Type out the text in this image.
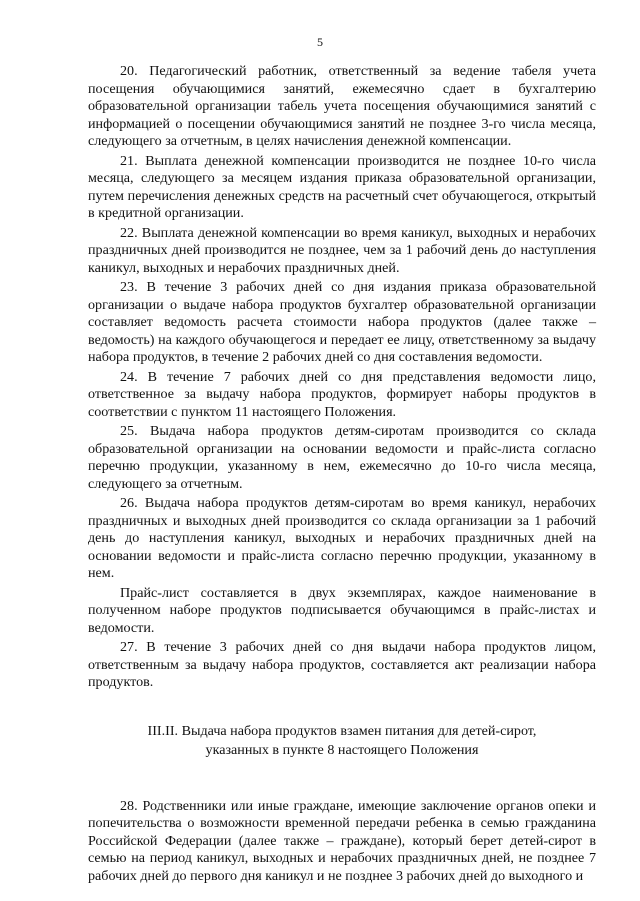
5

20. Педагогический работник, ответственный за ведение табеля учета посещения обучающимися занятий, ежемесячно сдает в бухгалтерию образовательной организации табель учета посещения обучающимися занятий с информацией о посещении обучающимися занятий не позднее 3-го числа месяца, следующего за отчетным, в целях начисления денежной компенсации.

21. Выплата денежной компенсации производится не позднее 10-го числа месяца, следующего за месяцем издания приказа образовательной организации, путем перечисления денежных средств на расчетный счет обучающегося, открытый в кредитной организации.

22. Выплата денежной компенсации во время каникул, выходных и нерабочих праздничных дней производится не позднее, чем за 1 рабочий день до наступления каникул, выходных и нерабочих праздничных дней.

23. В течение 3 рабочих дней со дня издания приказа образовательной организации о выдаче набора продуктов бухгалтер образовательной организации составляет ведомость расчета стоимости набора продуктов (далее также – ведомость) на каждого обучающегося и передает ее лицу, ответственному за выдачу набора продуктов, в течение 2 рабочих дней со дня составления ведомости.

24. В течение 7 рабочих дней со дня представления ведомости лицо, ответственное за выдачу набора продуктов, формирует наборы продуктов в соответствии с пунктом 11 настоящего Положения.

25. Выдача набора продуктов детям-сиротам производится со склада образовательной организации на основании ведомости и прайс-листа согласно перечню продукции, указанному в нем, ежемесячно до 10-го числа месяца, следующего за отчетным.

26. Выдача набора продуктов детям-сиротам во время каникул, нерабочих праздничных и выходных дней производится со склада организации за 1 рабочий день до наступления каникул, выходных и нерабочих праздничных дней на основании ведомости и прайс-листа согласно перечню продукции, указанному в нем.

Прайс-лист составляется в двух экземплярах, каждое наименование в полученном наборе продуктов подписывается обучающимся в прайс-листах и ведомости.

27. В течение 3 рабочих дней со дня выдачи набора продуктов лицом, ответственным за выдачу набора продуктов, составляется акт реализации набора продуктов.

III.II. Выдача набора продуктов взамен питания для детей-сирот,
указанных в пункте 8 настоящего Положения

28. Родственники или иные граждане, имеющие заключение органов опеки и попечительства о возможности временной передачи ребенка в семью гражданина Российской Федерации (далее также – граждане), который берет детей-сирот в семью на период каникул, выходных и нерабочих праздничных дней, не позднее 7 рабочих дней до первого дня каникул и не позднее 3 рабочих дней до выходного и
